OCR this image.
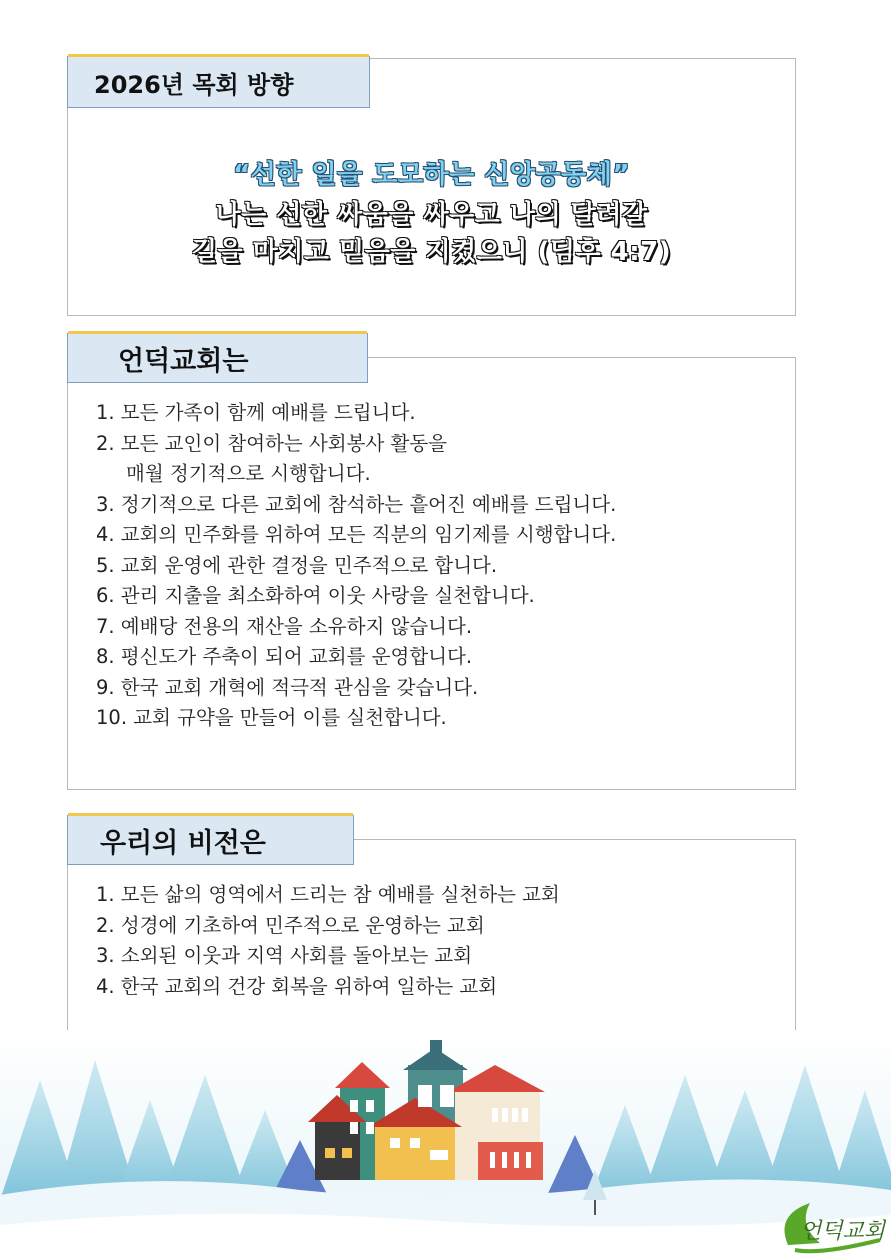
“선한 일을 도모하는 신앙공동체”
나는 선한 싸움을 싸우고 나의 달려갈
길을 마치고 믿음을 지켰으니 (딤후 4:7)
2026년 목회 방향
1. 모든 가족이 함께 예배를 드립니다.
2. 모든 교인이 참여하는 사회봉사 활동을
매월 정기적으로 시행합니다.
3. 정기적으로 다른 교회에 참석하는 흩어진 예배를 드립니다.
4. 교회의 민주화를 위하여 모든 직분의 임기제를 시행합니다.
5. 교회 운영에 관한 결정을 민주적으로 합니다.
6. 관리 지출을 최소화하여 이웃 사랑을 실천합니다.
7. 예배당 전용의 재산을 소유하지 않습니다.
8. 평신도가 주축이 되어 교회를 운영합니다.
9. 한국 교회 개혁에 적극적 관심을 갖습니다.
10. 교회 규약을 만들어 이를 실천합니다.
언덕교회는
1. 모든 삶의 영역에서 드리는 참 예배를 실천하는 교회
2. 성경에 기초하여 민주적으로 운영하는 교회
3. 소외된 이웃과 지역 사회를 돌아보는 교회
4. 한국 교회의 건강 회복을 위하여 일하는 교회
우리의 비전은
언덕교회
